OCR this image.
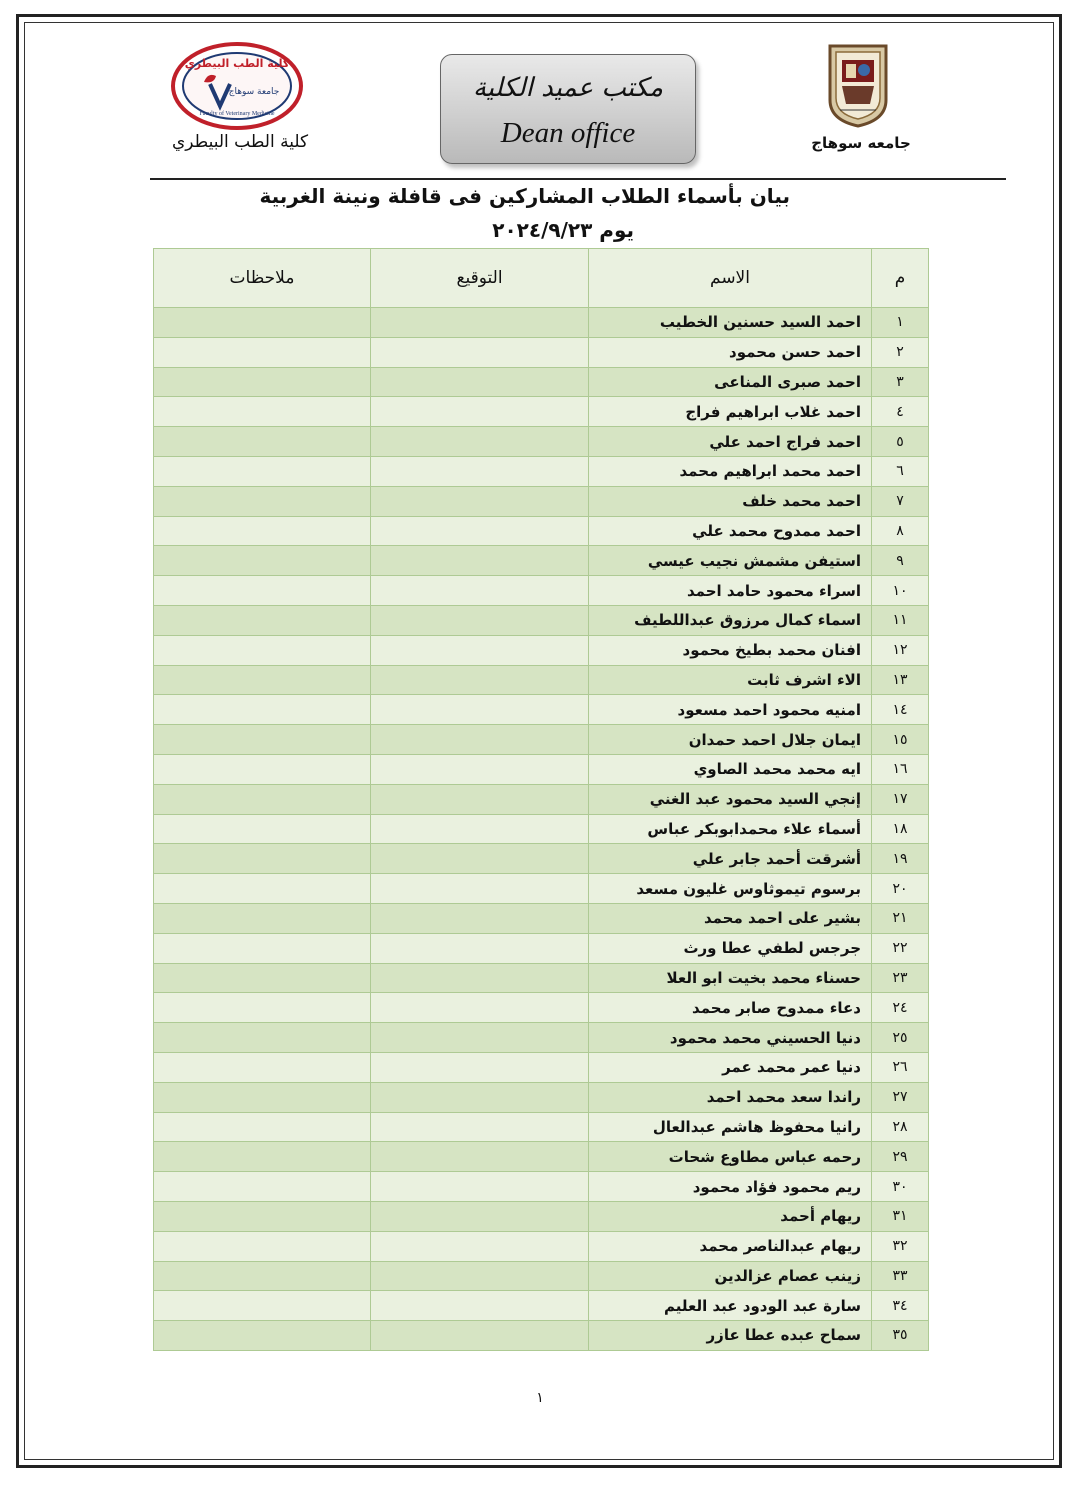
جامعه سوهاج
كلية الطب البيطري
جامعة سوهاج
Faculty of Veterinary Medicine
كلية الطب البيطري
مكتب عميد الكلية
Dean office
بيان بأسماء الطلاب المشاركين فى قافلة ونينة الغربية
يوم ٢٠٢٤/٩/٢٣
م	الاسم	التوقيع	ملاحظات
١	احمد السيد حسنين الخطيب		
٢	احمد حسن محمود		
٣	احمد صبرى المناعى		
٤	احمد غلاب ابراهيم فراج		
٥	احمد فراج احمد علي		
٦	احمد محمد ابراهيم محمد		
٧	احمد محمد خلف		
٨	احمد ممدوح محمد علي		
٩	استيفن مشمش نجيب عيسي		
١٠	اسراء محمود حامد احمد		
١١	اسماء كمال مرزوق عبداللطيف		
١٢	افنان محمد بطيخ محمود		
١٣	الاء اشرف ثابت		
١٤	امنيه محمود احمد مسعود		
١٥	ايمان جلال احمد حمدان		
١٦	ايه محمد محمد الصاوي		
١٧	إنجي السيد محمود عبد الغني		
١٨	أسماء علاء محمدابوبكر عباس		
١٩	أشرقت أحمد جابر علي		
٢٠	برسوم تيموثاوس غليون مسعد		
٢١	بشير على احمد محمد		
٢٢	جرجس لطفي عطا ورث		
٢٣	حسناء محمد بخيت ابو العلا		
٢٤	دعاء ممدوح صابر محمد		
٢٥	دنيا الحسيني محمد محمود		
٢٦	دنيا عمر محمد عمر		
٢٧	راندا سعد محمد احمد		
٢٨	رانيا محفوظ هاشم عبدالعال		
٢٩	رحمه عباس مطاوع شحات		
٣٠	ريم محمود فؤاد محمود		
٣١	ريهام أحمد		
٣٢	ريهام عبدالناصر محمد		
٣٣	زينب عصام عزالدين		
٣٤	سارة عبد الودود عبد العليم		
٣٥	سماح عبده عطا عازر		
١
